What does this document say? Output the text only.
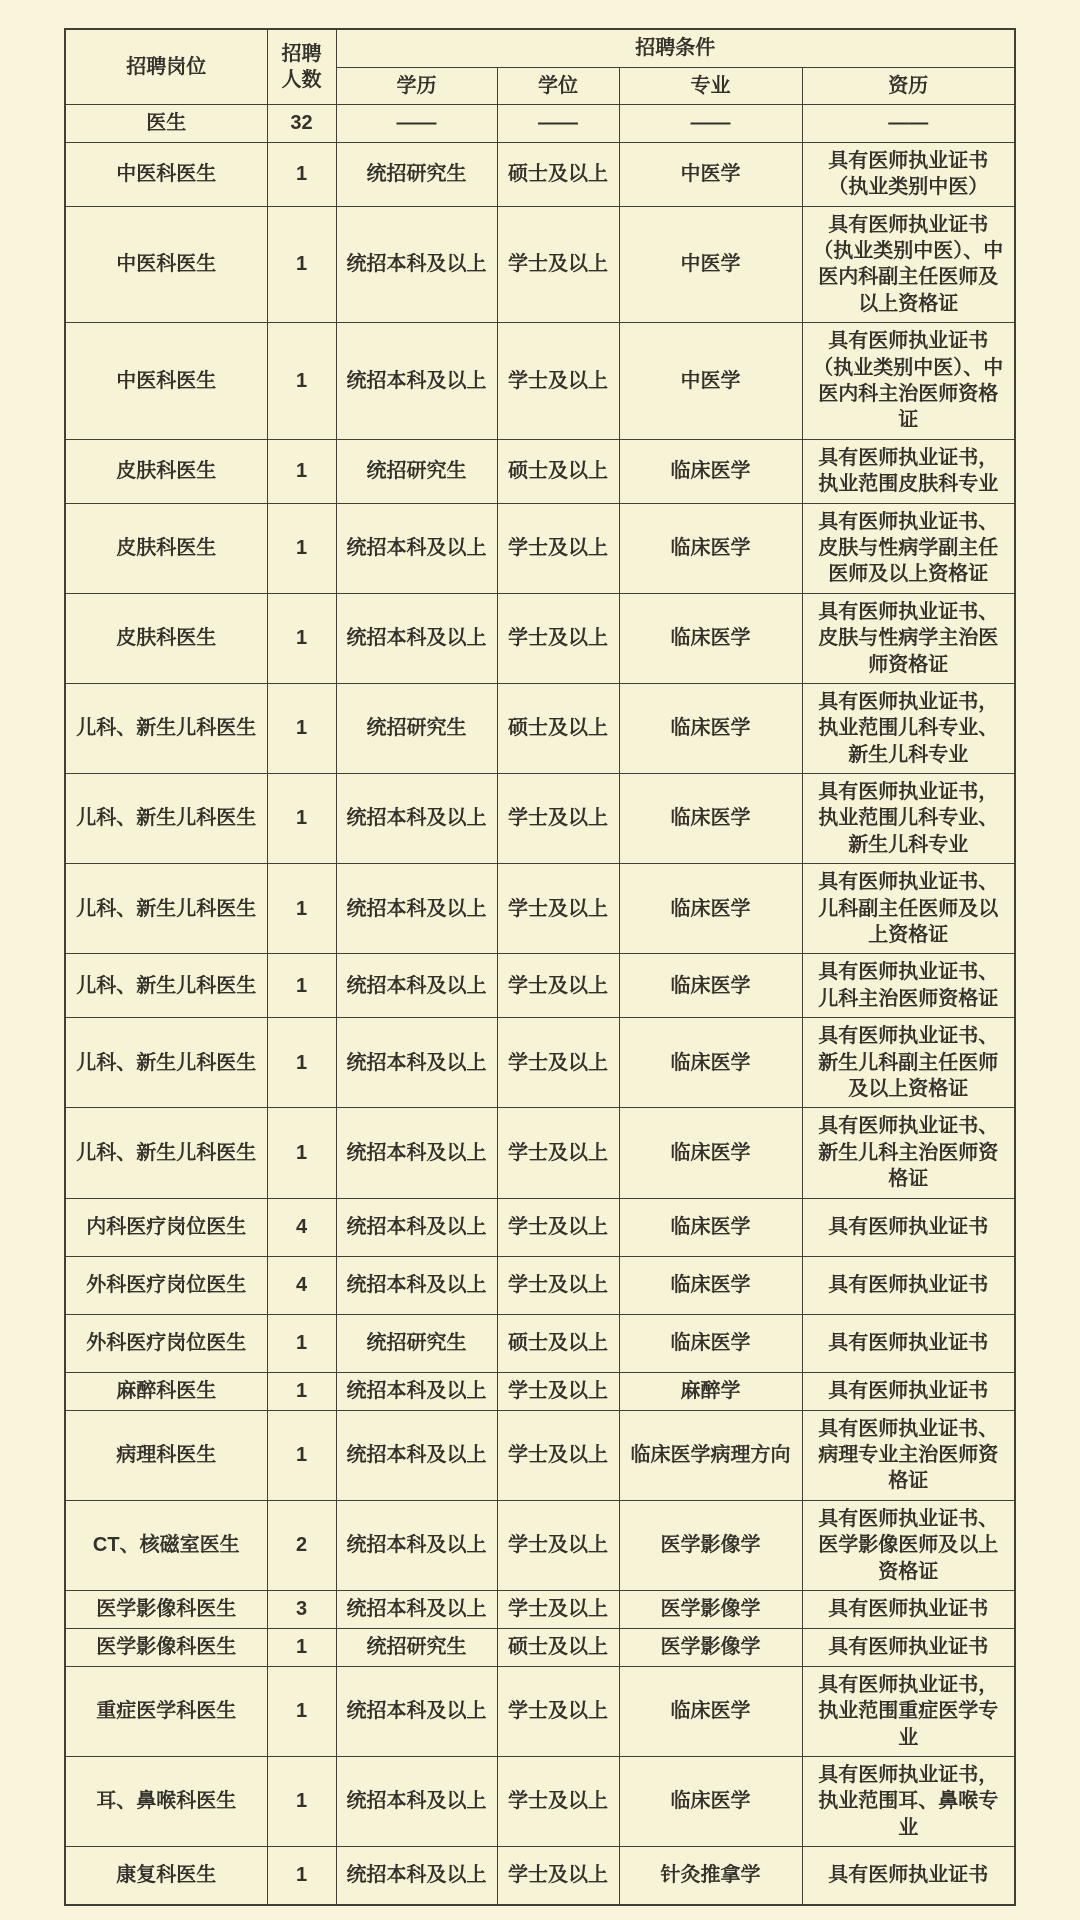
招聘岗位	招聘人数	招聘条件			
		学历	学位	专业	资历
医生	32	——	——	——	——
中医科医生	1	统招研究生	硕士及以上	中医学	具有医师执业证书（执业类别中医）
中医科医生	1	统招本科及以上	学士及以上	中医学	具有医师执业证书（执业类别中医）、中医内科副主任医师及以上资格证
中医科医生	1	统招本科及以上	学士及以上	中医学	具有医师执业证书（执业类别中医）、中医内科主治医师资格证
皮肤科医生	1	统招研究生	硕士及以上	临床医学	具有医师执业证书，执业范围皮肤科专业
皮肤科医生	1	统招本科及以上	学士及以上	临床医学	具有医师执业证书、皮肤与性病学副主任医师及以上资格证
皮肤科医生	1	统招本科及以上	学士及以上	临床医学	具有医师执业证书、皮肤与性病学主治医师资格证
儿科、新生儿科医生	1	统招研究生	硕士及以上	临床医学	具有医师执业证书，执业范围儿科专业、新生儿科专业
儿科、新生儿科医生	1	统招本科及以上	学士及以上	临床医学	具有医师执业证书，执业范围儿科专业、新生儿科专业
儿科、新生儿科医生	1	统招本科及以上	学士及以上	临床医学	具有医师执业证书、儿科副主任医师及以上资格证
儿科、新生儿科医生	1	统招本科及以上	学士及以上	临床医学	具有医师执业证书、儿科主治医师资格证
儿科、新生儿科医生	1	统招本科及以上	学士及以上	临床医学	具有医师执业证书、新生儿科副主任医师及以上资格证
儿科、新生儿科医生	1	统招本科及以上	学士及以上	临床医学	具有医师执业证书、新生儿科主治医师资格证
内科医疗岗位医生	4	统招本科及以上	学士及以上	临床医学	具有医师执业证书
外科医疗岗位医生	4	统招本科及以上	学士及以上	临床医学	具有医师执业证书
外科医疗岗位医生	1	统招研究生	硕士及以上	临床医学	具有医师执业证书
麻醉科医生	1	统招本科及以上	学士及以上	麻醉学	具有医师执业证书
病理科医生	1	统招本科及以上	学士及以上	临床医学病理方向	具有医师执业证书、病理专业主治医师资格证
CT、核磁室医生	2	统招本科及以上	学士及以上	医学影像学	具有医师执业证书、医学影像医师及以上资格证
医学影像科医生	3	统招本科及以上	学士及以上	医学影像学	具有医师执业证书
医学影像科医生	1	统招研究生	硕士及以上	医学影像学	具有医师执业证书
重症医学科医生	1	统招本科及以上	学士及以上	临床医学	具有医师执业证书，执业范围重症医学专业
耳、鼻喉科医生	1	统招本科及以上	学士及以上	临床医学	具有医师执业证书，执业范围耳、鼻喉专业
康复科医生	1	统招本科及以上	学士及以上	针灸推拿学	具有医师执业证书
